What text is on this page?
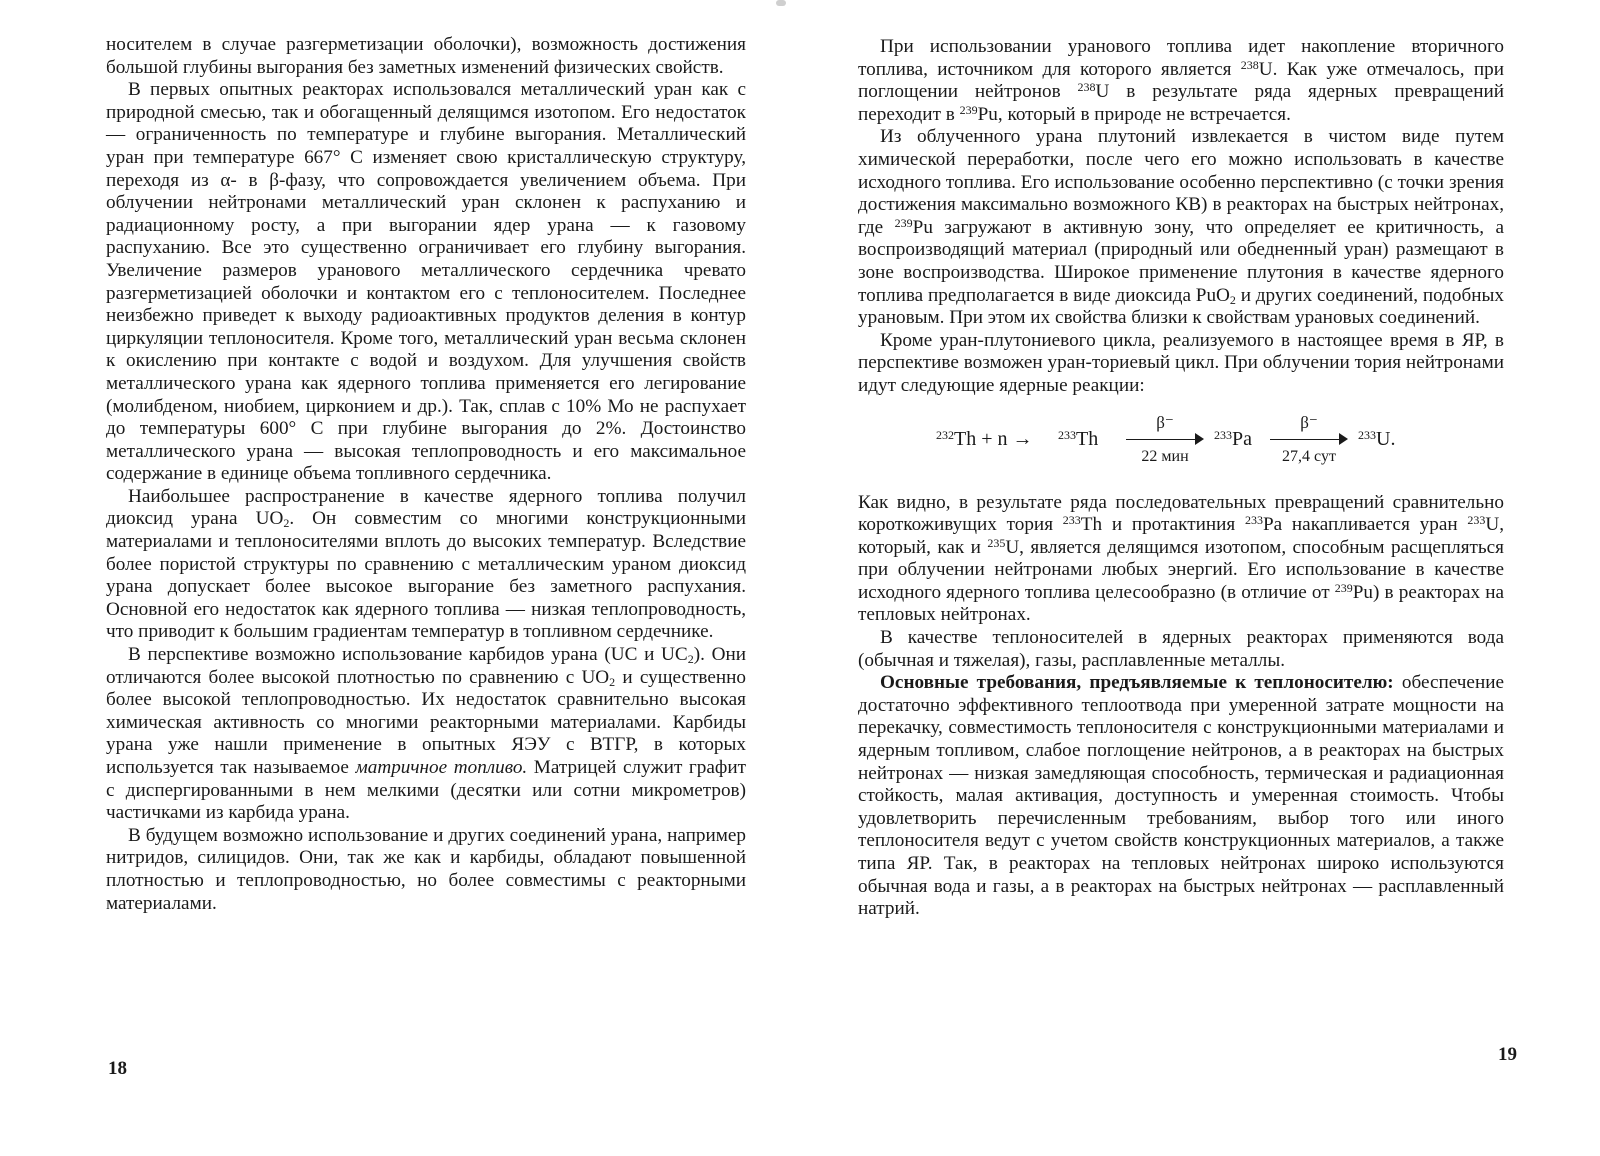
носителем в случае разгерметизации оболочки), возможность достижения большой глубины выгорания без заметных изменений физических свойств.

В первых опытных реакторах использовался металлический уран как с природной смесью, так и обогащенный делящимся изотопом. Его недостаток — ограниченность по температуре и глубине выгорания. Металлический уран при температуре 667° С изменяет свою кристаллическую структуру, переходя из α- в β-фазу, что сопровождается увеличением объема. При облучении нейтронами металлический уран склонен к распуханию и радиационному росту, а при выгорании ядер урана — к газовому распуханию. Все это существенно ограничивает его глубину выгорания. Увеличение размеров уранового металлического сердечника чревато разгерметизацией оболочки и контактом его с теплоносителем. Последнее неизбежно приведет к выходу радиоактивных продуктов деления в контур циркуляции теплоносителя. Кроме того, металлический уран весьма склонен к окислению при контакте с водой и воздухом. Для улучшения свойств металлического урана как ядерного топлива применяется его легирование (молибденом, ниобием, цирконием и др.). Так, сплав с 10% Мо не распухает до температуры 600° С при глубине выгорания до 2%. Достоинство металлического урана — высокая теплопроводность и его максимальное содержание в единице объема топливного сердечника.

Наибольшее распространение в качестве ядерного топлива получил диоксид урана $UO_2$. Он совместим со многими конструкционными материалами и теплоносителями вплоть до высоких температур. Вследствие более пористой структуры по сравнению с металлическим ураном диоксид урана допускает более высокое выгорание без заметного распухания. Основной его недостаток как ядерного топлива — низкая теплопроводность, что приводит к большим градиентам температур в топливном сердечнике.

В перспективе возможно использование карбидов урана (UC и $UC_2$). Они отличаются более высокой плотностью по сравнению с $UO_2$ и существенно более высокой теплопроводностью. Их недостаток сравнительно высокая химическая активность со многими реакторными материалами. Карбиды урана уже нашли применение в опытных ЯЭУ с ВТГР, в которых используется так называемое матричное топливо. Матрицей служит графит с диспергированными в нем мелкими (десятки или сотни микрометров) частичками из карбида урана.

В будущем возможно использование и других соединений урана, например нитридов, силицидов. Они, так же как и карбиды, обладают повышенной плотностью и теплопроводностью, но более совместимы с реакторными материалами.

18

При использовании уранового топлива идет накопление вторичного топлива, источником для которого является $^{238}$U. Как уже отмечалось, при поглощении нейтронов $^{238}$U в результате ряда ядерных превращений переходит в $^{239}$Pu, который в природе не встречается.

Из облученного урана плутоний извлекается в чистом виде путем химической переработки, после чего его можно использовать в качестве исходного топлива. Его использование особенно перспективно (с точки зрения достижения максимально возможного КВ) в реакторах на быстрых нейтронах, где $^{239}$Pu загружают в активную зону, что определяет ее критичность, а воспроизводящий материал (природный или обедненный уран) размещают в зоне воспроизводства. Широкое применение плутония в качестве ядерного топлива предполагается в виде диоксида PuO$_2$ и других соединений, подобных урановым. При этом их свойства близки к свойствам урановых соединений.

Кроме уран-плутониевого цикла, реализуемого в настоящее время в ЯР, в перспективе возможен уран-ториевый цикл. При облучении тория нейтронами идут следующие ядерные реакции:

$^{232}$Th + n → $^{233}$Th
β⁻
22 мин
$^{233}$Pa
β⁻
27,4 сут
$^{233}$U.

Как видно, в результате ряда последовательных превращений сравнительно короткоживущих тория $^{233}$Th и протактиния $^{233}$Pa накапливается уран $^{233}$U, который, как и $^{235}$U, является делящимся изотопом, способным расщепляться при облучении нейтронами любых энергий. Его использование в качестве исходного ядерного топлива целесообразно (в отличие от $^{239}$Pu) в реакторах на тепловых нейтронах.

В качестве теплоносителей в ядерных реакторах применяются вода (обычная и тяжелая), газы, расплавленные металлы.

Основные требования, предъявляемые к теплоносителю: обеспечение достаточно эффективного теплоотвода при умеренной затрате мощности на перекачку, совместимость теплоносителя с конструкционными материалами и ядерным топливом, слабое поглощение нейтронов, а в реакторах на быстрых нейтронах — низкая замедляющая способность, термическая и радиационная стойкость, малая активация, доступность и умеренная стоимость. Чтобы удовлетворить перечисленным требованиям, выбор того или иного теплоносителя ведут с учетом свойств конструкционных материалов, а также типа ЯР. Так, в реакторах на тепловых нейтронах широко используются обычная вода и газы, а в реакторах на быстрых нейтронах — расплавленный натрий.

19
